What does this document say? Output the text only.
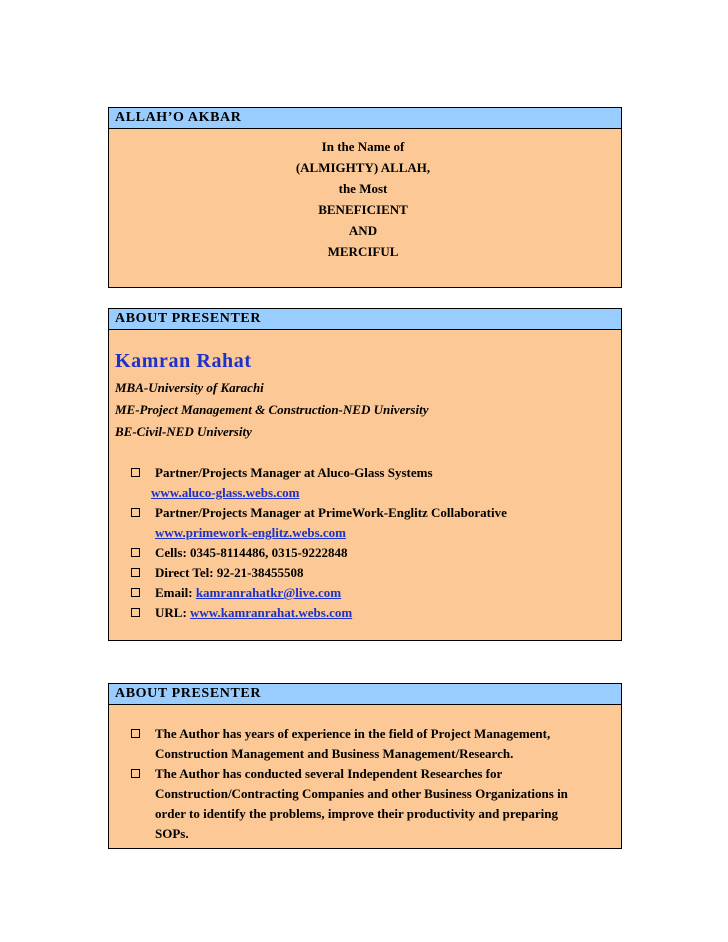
ALLAH’O AKBAR
In the Name of
(ALMIGHTY) ALLAH,
the Most
BENEFICIENT
AND
MERCIFUL
ABOUT PRESENTER
Kamran Rahat
MBA-University of Karachi
ME-Project Management & Construction-NED University
BE-Civil-NED University
Partner/Projects Manager at Aluco-Glass Systems
www.aluco-glass.webs.com
Partner/Projects Manager at PrimeWork-Englitz Collaborative
www.primework-englitz.webs.com
Cells: 0345-8114486, 0315-9222848
Direct Tel: 92-21-38455508
Email: kamranrahatkr@live.com
URL: www.kamranrahat.webs.com
ABOUT PRESENTER
The Author has years of experience in the field of Project Management,
Construction Management and Business Management/Research.
The Author has conducted several Independent Researches for
Construction/Contracting Companies and other Business Organizations in
order to identify the problems, improve their productivity and preparing
SOPs.
